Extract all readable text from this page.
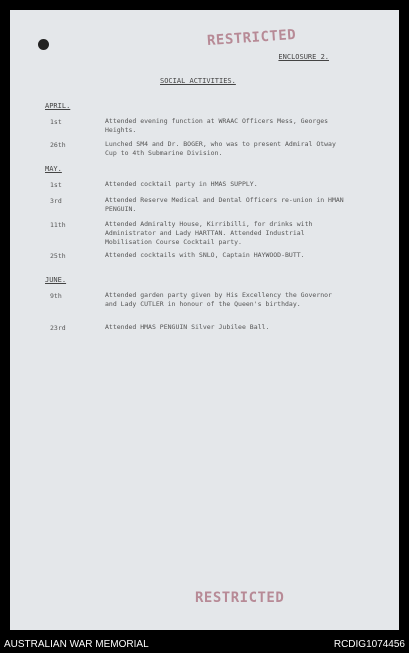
RESTRICTED
ENCLOSURE 2.
SOCIAL ACTIVITIES.
APRIL.
1st	Attended evening function at WRAAC Officers Mess, Georges Heights.
26th	Lunched SM4 and Dr. BOGER, who was to present Admiral Otway Cup to 4th Submarine Division.
MAY.
1st	Attended cocktail party in HMAS SUPPLY.
3rd	Attended Reserve Medical and Dental Officers re-union in HMAN PENGUIN.
11th	Attended Admiralty House, Kirribilli, for drinks with Administrator and Lady HARTTAN. Attended Industrial Mobilisation Course Cocktail party.
25th	Attended cocktails with SNLO, Captain HAYWOOD-BUTT.
JUNE.
9th	Attended garden party given by His Excellency the Governor and Lady CUTLER in honour of the Queen's birthday.
23rd	Attended HMAS PENGUIN Silver Jubilee Ball.
RESTRICTED
AUSTRALIAN WAR MEMORIAL	RCDIG1074456
